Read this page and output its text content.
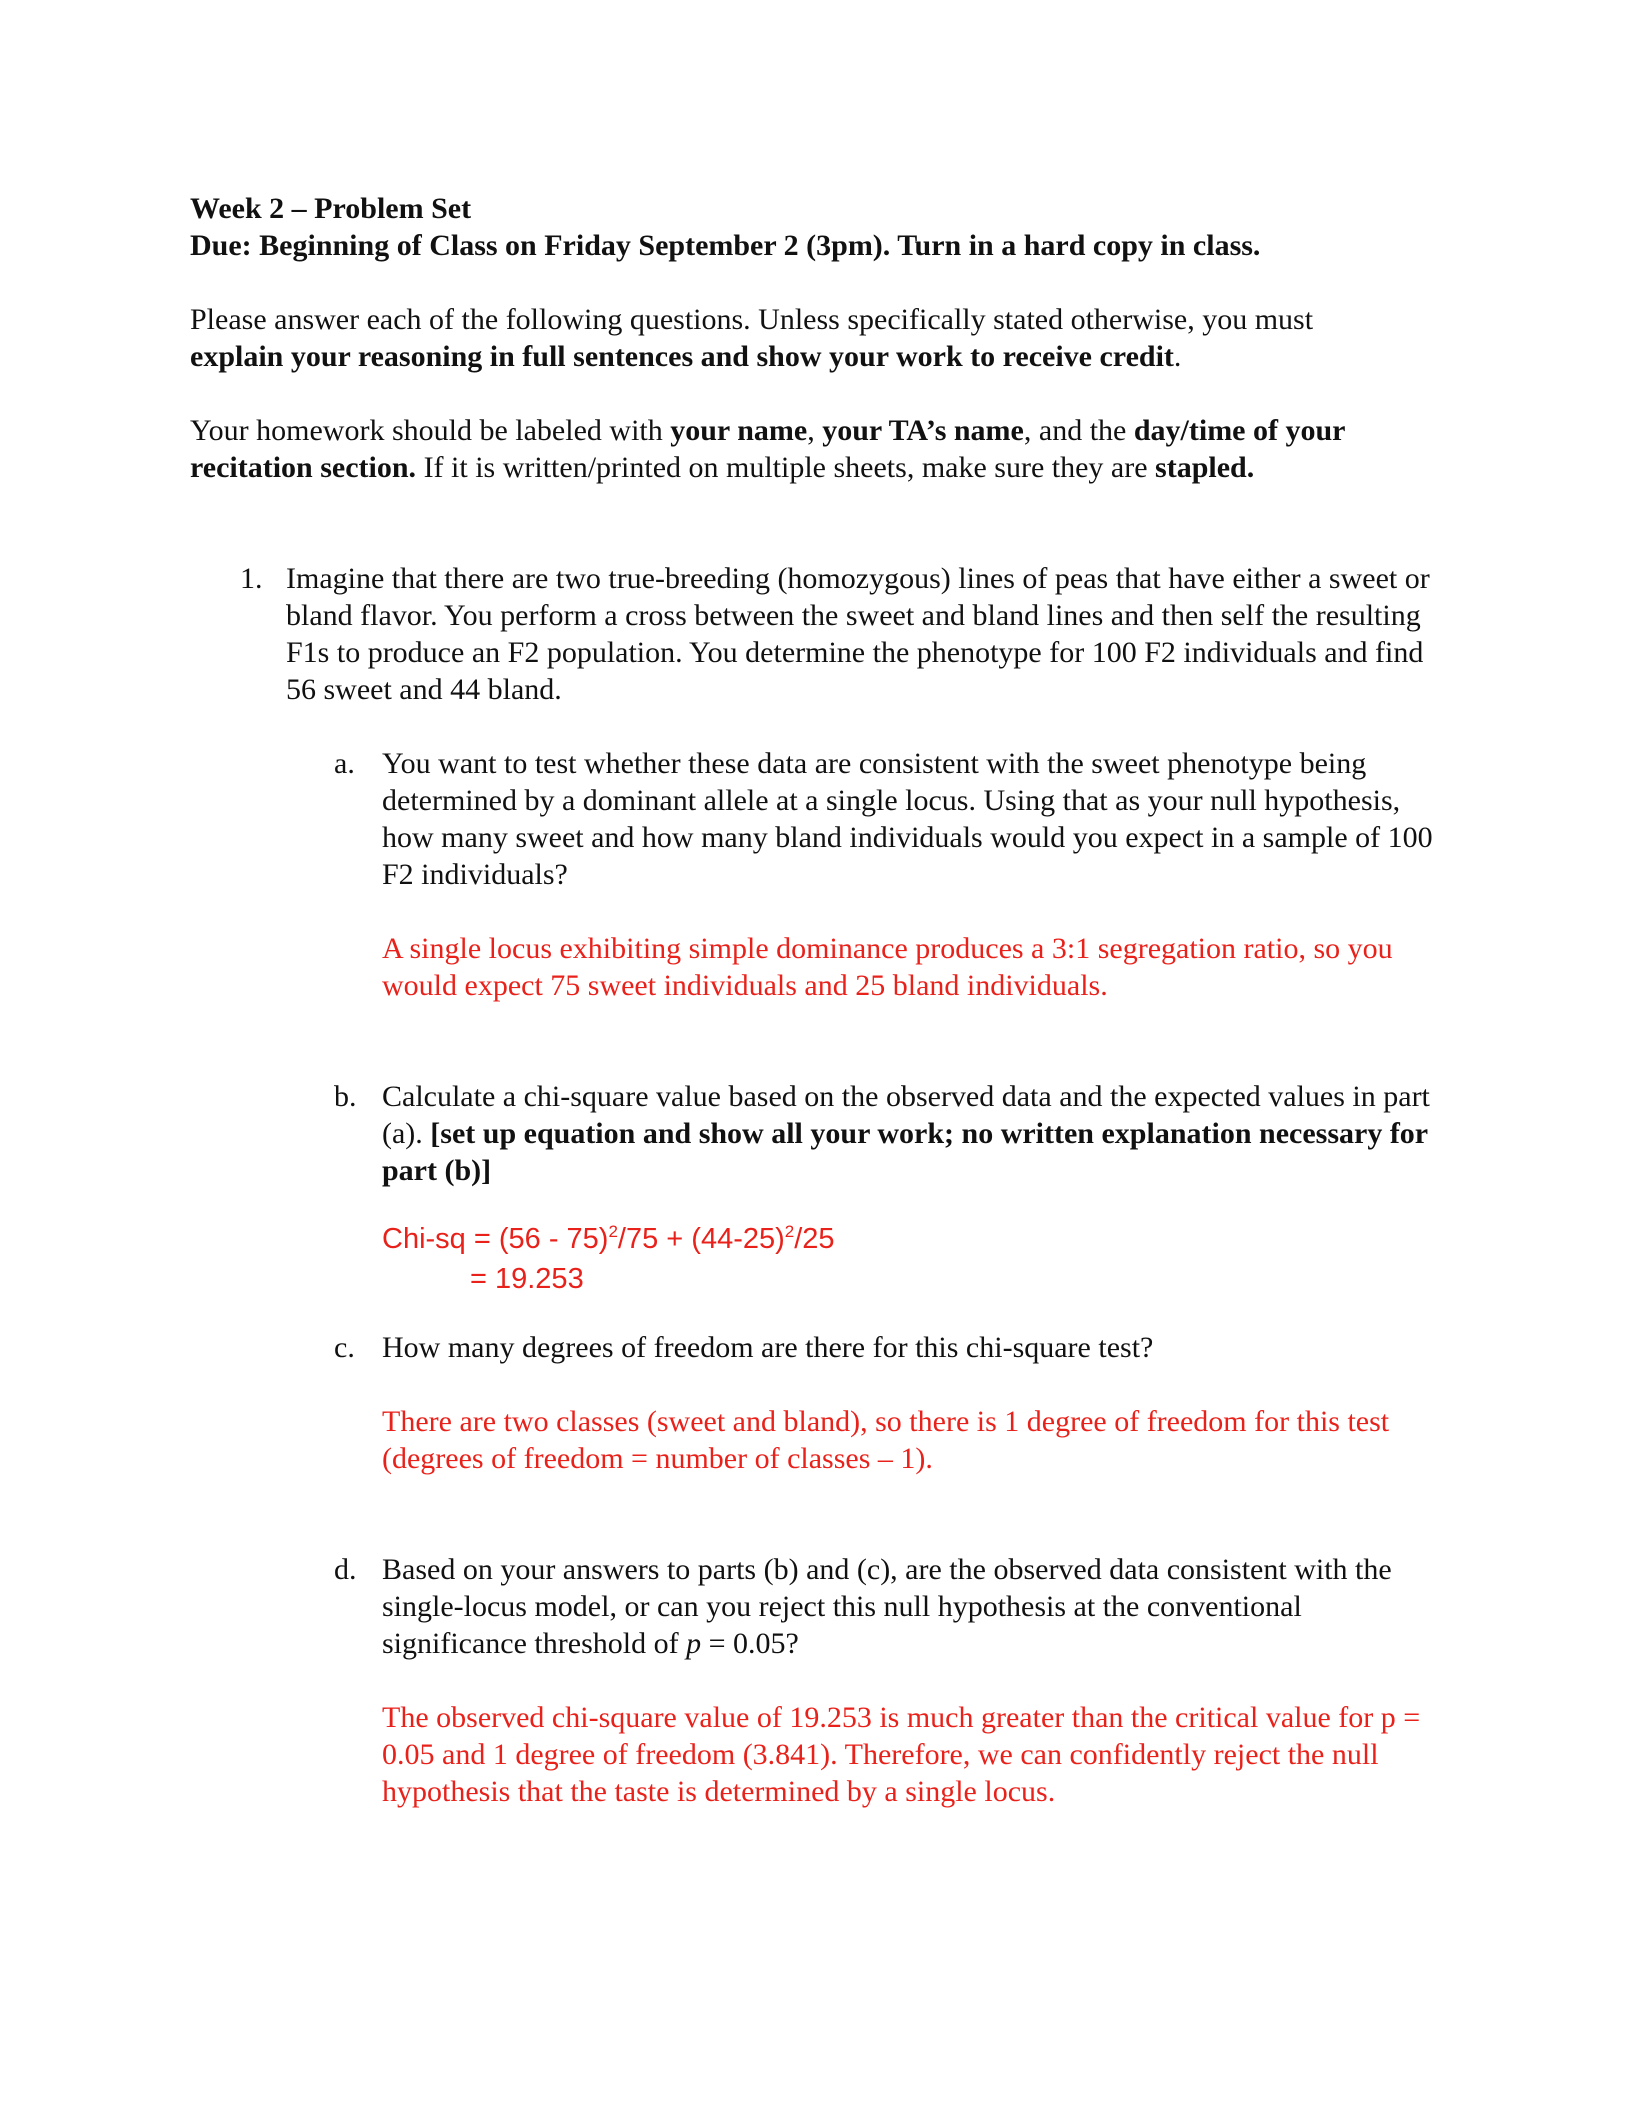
Week 2 – Problem Set

Due: Beginning of Class on Friday September 2 (3pm). Turn in a hard copy in class.

Please answer each of the following questions. Unless specifically stated otherwise, you must
explain your reasoning in full sentences and show your work to receive credit.

Your homework should be labeled with your name, your TA’s name, and the day/time of your recitation section. If it is written/printed on multiple sheets, make sure they are stapled.

1. Imagine that there are two true-breeding (homozygous) lines of peas that have either a sweet or bland flavor. You perform a cross between the sweet and bland lines and then self the resulting F1s to produce an F2 population. You determine the phenotype for 100 F2 individuals and find 56 sweet and 44 bland.

a. You want to test whether these data are consistent with the sweet phenotype being determined by a dominant allele at a single locus. Using that as your null hypothesis, how many sweet and how many bland individuals would you expect in a sample of 100 F2 individuals?

A single locus exhibiting simple dominance produces a 3:1 segregation ratio, so you would expect 75 sweet individuals and 25 bland individuals.

b. Calculate a chi-square value based on the observed data and the expected values in part (a). [set up equation and show all your work; no written explanation necessary for part (b)]

$Chi-sq = (56 - 75)^2/75 + (44-25)^2/25$
= 19.253
c. How many degrees of freedom are there for this chi-square test?

There are two classes (sweet and bland), so there is 1 degree of freedom for this test (degrees of freedom = number of classes – 1).

d. Based on your answers to parts (b) and (c), are the observed data consistent with the single-locus model, or can you reject this null hypothesis at the conventional significance threshold of p = 0.05?

The observed chi-square value of 19.253 is much greater than the critical value for p = 0.05 and 1 degree of freedom (3.841). Therefore, we can confidently reject the null hypothesis that the taste is determined by a single locus.
